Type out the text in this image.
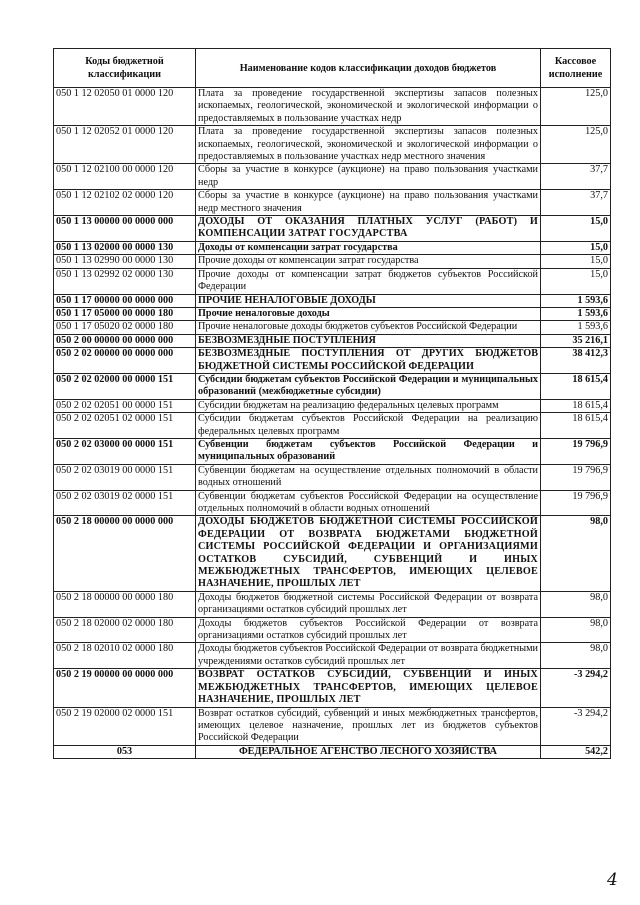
Коды бюджетной классификации	Наименование кодов классификации доходов бюджетов	Кассовое исполнение
050 1 12 02050 01 0000 120	Плата за проведение государственной экспертизы запасов полезных ископаемых, геологической, экономической и экологической информации о предоставляемых в пользование участках недр	125,0
050 1 12 02052 01 0000 120	Плата за проведение государственной экспертизы запасов полезных ископаемых, геологической, экономической и экологической информации о предоставляемых в пользование участках недр местного значения	125,0
050 1 12 02100 00 0000 120	Сборы за участие в конкурсе (аукционе) на право пользования участками недр	37,7
050 1 12 02102 02 0000 120	Сборы за участие в конкурсе (аукционе) на право пользования участками недр местного значения	37,7
050 1 13 00000 00 0000 000	ДОХОДЫ ОТ ОКАЗАНИЯ ПЛАТНЫХ УСЛУГ (РАБОТ) И КОМПЕНСАЦИИ ЗАТРАТ ГОСУДАРСТВА	15,0
050 1 13 02000 00 0000 130	Доходы от компенсации затрат государства	15,0
050 1 13 02990 00 0000 130	Прочие доходы от компенсации затрат государства	15,0
050 1 13 02992 02 0000 130	Прочие доходы от компенсации затрат бюджетов субъектов Российской Федерации	15,0
050 1 17 00000 00 0000 000	ПРОЧИЕ НЕНАЛОГОВЫЕ ДОХОДЫ	1 593,6
050 1 17 05000 00 0000 180	Прочие неналоговые доходы	1 593,6
050 1 17 05020 02 0000 180	Прочие неналоговые доходы бюджетов субъектов Российской Федерации	1 593,6
050 2 00 00000 00 0000 000	БЕЗВОЗМЕЗДНЫЕ ПОСТУПЛЕНИЯ	35 216,1
050 2 02 00000 00 0000 000	БЕЗВОЗМЕЗДНЫЕ ПОСТУПЛЕНИЯ ОТ ДРУГИХ БЮДЖЕТОВ БЮДЖЕТНОЙ СИСТЕМЫ РОССИЙСКОЙ ФЕДЕРАЦИИ	38 412,3
050 2 02 02000 00 0000 151	Субсидии бюджетам субъектов Российской Федерации и муниципальных образований (межбюджетные субсидии)	18 615,4
050 2 02 02051 00 0000 151	Субсидии бюджетам на реализацию федеральных целевых программ	18 615,4
050 2 02 02051 02 0000 151	Субсидии бюджетам субъектов Российской Федерации на реализацию федеральных целевых программ	18 615,4
050 2 02 03000 00 0000 151	Субвенции бюджетам субъектов Российской Федерации и муниципальных образований	19 796,9
050 2 02 03019 00 0000 151	Субвенции бюджетам на осуществление отдельных полномочий в области водных отношений	19 796,9
050 2 02 03019 02 0000 151	Субвенции бюджетам субъектов Российской Федерации на осуществление отдельных полномочий в области водных отношений	19 796,9
050 2 18 00000 00 0000 000	ДОХОДЫ БЮДЖЕТОВ БЮДЖЕТНОЙ СИСТЕМЫ РОССИЙСКОЙ ФЕДЕРАЦИИ ОТ ВОЗВРАТА БЮДЖЕТАМИ БЮДЖЕТНОЙ СИСТЕМЫ РОССИЙСКОЙ ФЕДЕРАЦИИ И ОРГАНИЗАЦИЯМИ ОСТАТКОВ СУБСИДИЙ, СУБВЕНЦИЙ И ИНЫХ МЕЖБЮДЖЕТНЫХ ТРАНСФЕРТОВ, ИМЕЮЩИХ ЦЕЛЕВОЕ НАЗНАЧЕНИЕ, ПРОШЛЫХ ЛЕТ	98,0
050 2 18 00000 00 0000 180	Доходы бюджетов бюджетной системы Российской Федерации от возврата организациями остатков субсидий прошлых лет	98,0
050 2 18 02000 02 0000 180	Доходы бюджетов субъектов Российской Федерации от возврата организациями остатков субсидий прошлых лет	98,0
050 2 18 02010 02 0000 180	Доходы бюджетов субъектов Российской Федерации от возврата бюджетными учреждениями остатков субсидий прошлых лет	98,0
050 2 19 00000 00 0000 000	ВОЗВРАТ ОСТАТКОВ СУБСИДИЙ, СУБВЕНЦИЙ И ИНЫХ МЕЖБЮДЖЕТНЫХ ТРАНСФЕРТОВ, ИМЕЮЩИХ ЦЕЛЕВОЕ НАЗНАЧЕНИЕ, ПРОШЛЫХ ЛЕТ	-3 294,2
050 2 19 02000 02 0000 151	Возврат остатков субсидий, субвенций и иных межбюджетных трансфертов, имеющих целевое назначение, прошлых лет из бюджетов субъектов Российской Федерации	-3 294,2
053	ФЕДЕРАЛЬНОЕ АГЕНСТВО ЛЕСНОГО ХОЗЯЙСТВА	542,2
4
